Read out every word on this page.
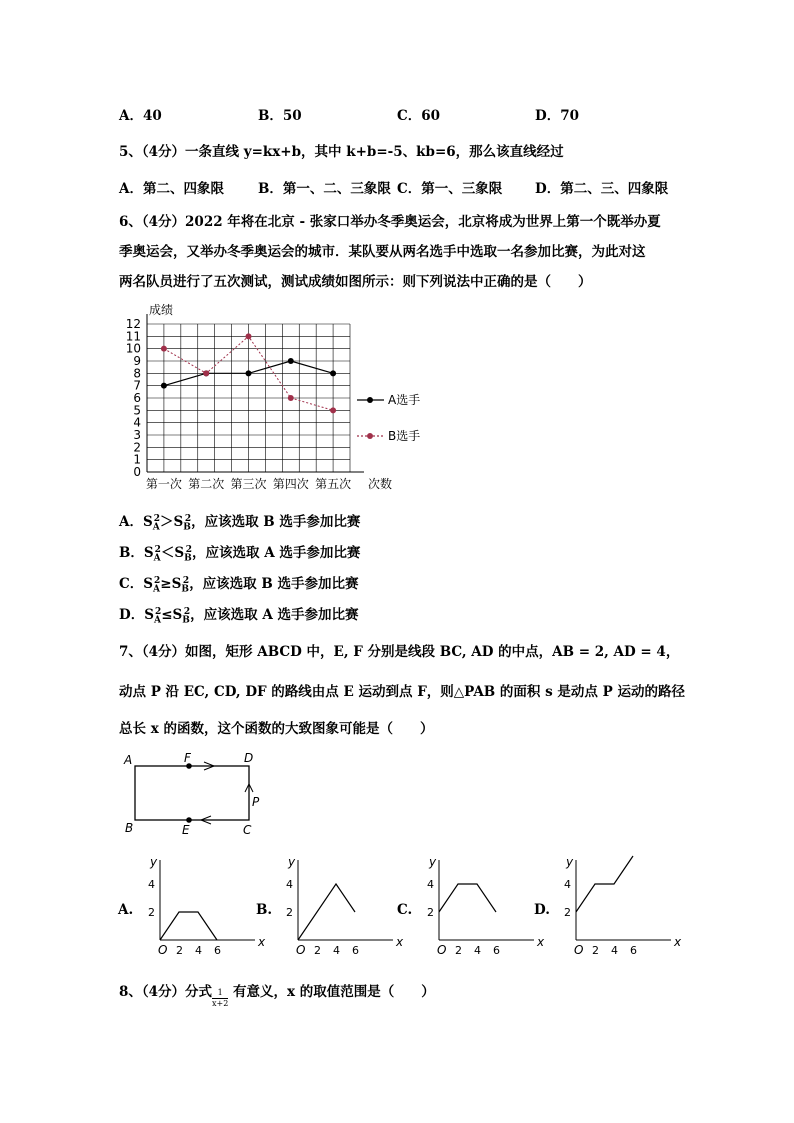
A．40	B．50	C．60	D．70
5、（4分）一条直线 y=kx+b，其中 k+b=-5、kb=6，那么该直线经过
A．第二、四象限	B．第一、二、三象限 C．第一、三象限 D．第二、三、四象限
6、（4分）2022 年将在北京 - 张家口举办冬季奥运会，北京将成为世界上第一个既举办夏
季奥运会，又举办冬季奥运会的城市．某队要从两名选手中选取一名参加比赛，为此对这
两名队员进行了五次测试，测试成绩如图所示：则下列说法中正确的是（　　）
0
1
2
3
4
5
6
7
8
9
10
11
12
成绩
第一次 第二次 第三次 第四次 第五次 次数
A选手
B选手
A．$S_A^2>S_B^2$，应该选取 B 选手参加比赛
B．$S_A^2<S_B^2$，应该选取 A 选手参加比赛
C．$S_A^2\ge S_B^2$，应该选取 B 选手参加比赛
D．$S_A^2\le S_B^2$，应该选取 A 选手参加比赛
7、（4分）如图，矩形 ABCD 中，E, F 分别是线段 BC, AD 的中点，AB = 2, AD = 4，
动点 P 沿 EC, CD, DF 的路线由点 E 运动到点 F，则△PAB 的面积 s 是动点 P 运动的路径
总长 x 的函数，这个函数的大致图象可能是（　　）
A	F	D
P
B	E	C
A.
y
x
O 2 4 6
2
4
B.
y
x
O 2 4 6
2
4
C.
y
x
O 2 4 6
2
4
D.
y
x
O 2 4 6
2
4
8、（4分）分式 $\frac{1}{x+2}$ 有意义，x 的取值范围是（　　）
